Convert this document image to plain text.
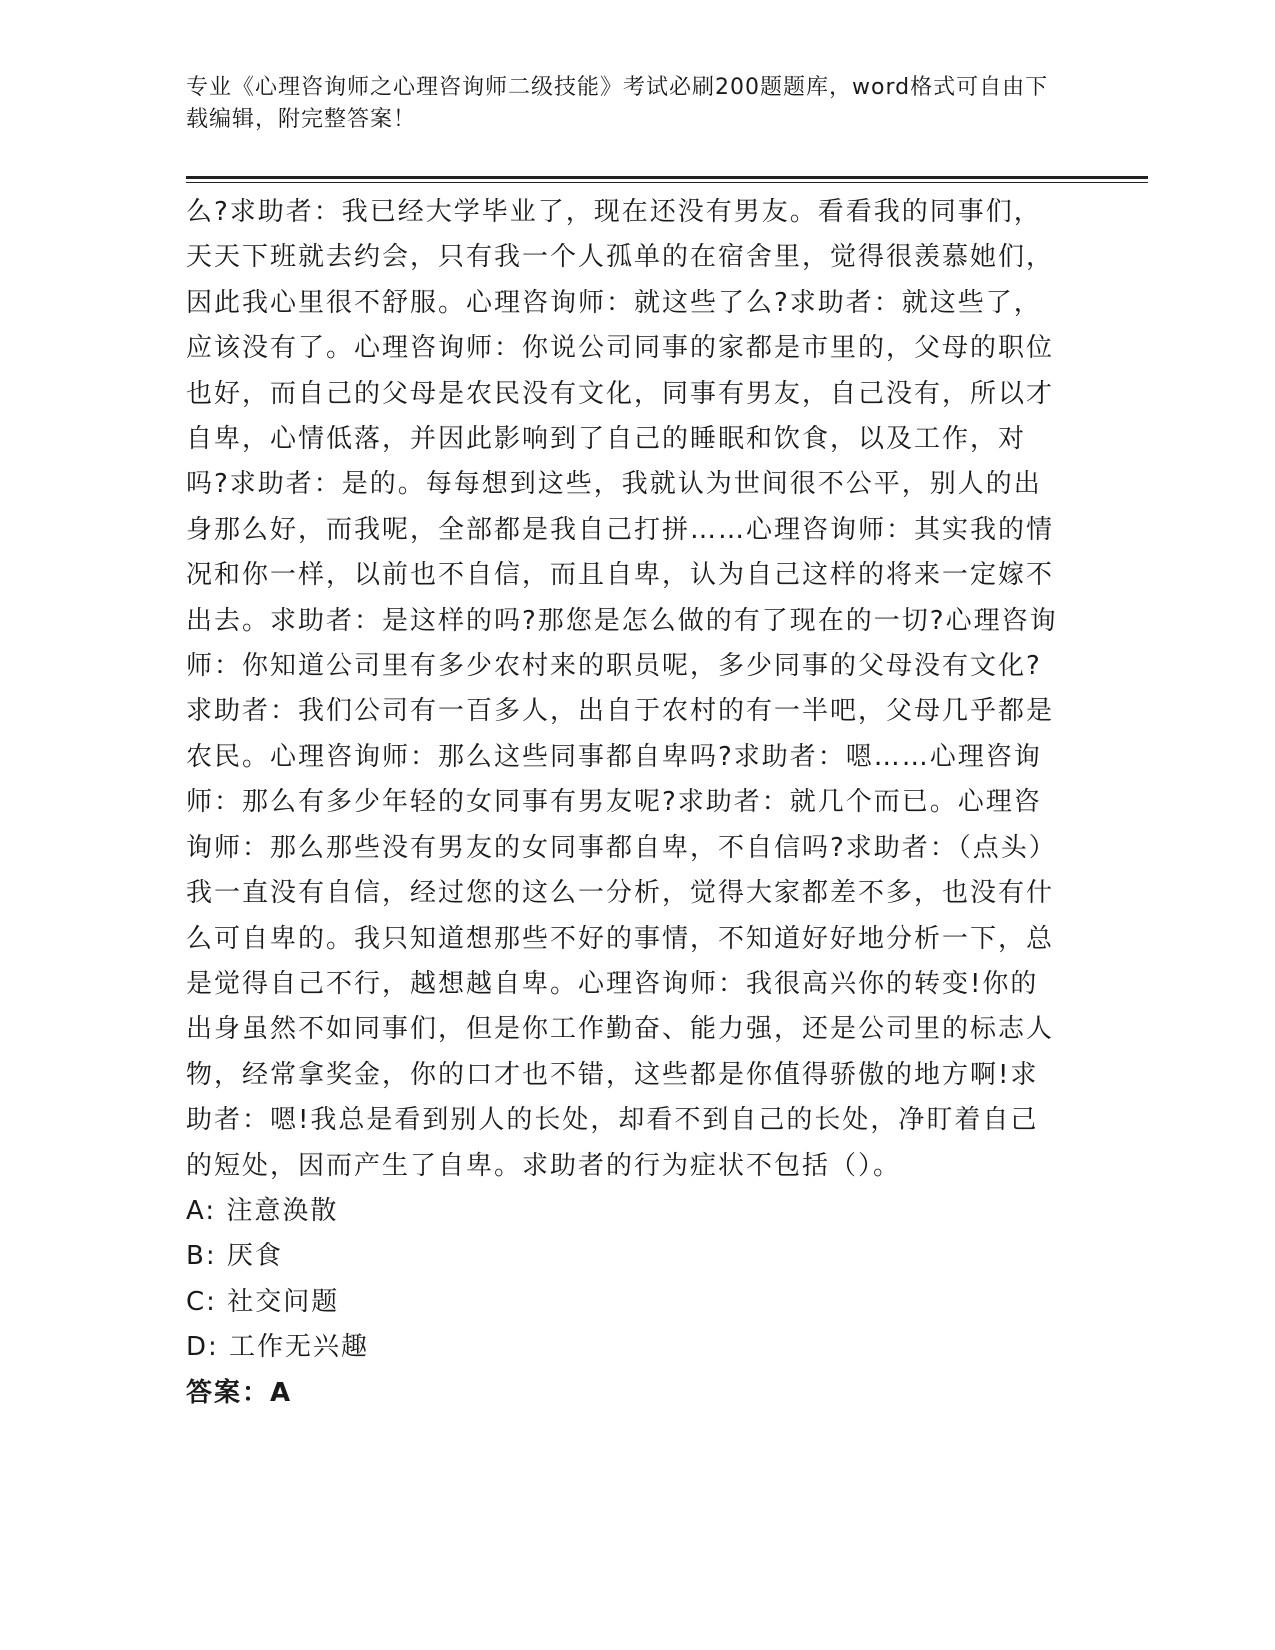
专业《心理咨询师之心理咨询师二级技能》考试必刷200题题库，word格式可自由下载编辑，附完整答案！

么?求助者：我已经大学毕业了，现在还没有男友。看看我的同事们，天天下班就去约会，只有我一个人孤单的在宿舍里，觉得很羡慕她们，因此我心里很不舒服。心理咨询师：就这些了么?求助者：就这些了，应该没有了。心理咨询师：你说公司同事的家都是市里的，父母的职位也好，而自己的父母是农民没有文化，同事有男友，自己没有，所以才自卑，心情低落，并因此影响到了自己的睡眠和饮食，以及工作，对吗?求助者：是的。每每想到这些，我就认为世间很不公平，别人的出身那么好，而我呢，全部都是我自己打拼……心理咨询师：其实我的情况和你一样，以前也不自信，而且自卑，认为自己这样的将来一定嫁不出去。求助者：是这样的吗?那您是怎么做的有了现在的一切?心理咨询师：你知道公司里有多少农村来的职员呢，多少同事的父母没有文化?求助者：我们公司有一百多人，出自于农村的有一半吧，父母几乎都是农民。心理咨询师：那么这些同事都自卑吗?求助者：嗯……心理咨询师：那么有多少年轻的女同事有男友呢?求助者：就几个而已。心理咨询师：那么那些没有男友的女同事都自卑，不自信吗?求助者：（点头）我一直没有自信，经过您的这么一分析，觉得大家都差不多，也没有什么可自卑的。我只知道想那些不好的事情，不知道好好地分析一下，总是觉得自己不行，越想越自卑。心理咨询师：我很高兴你的转变!你的出身虽然不如同事们，但是你工作勤奋、能力强，还是公司里的标志人物，经常拿奖金，你的口才也不错，这些都是你值得骄傲的地方啊!求助者：嗯!我总是看到别人的长处，却看不到自己的长处，净盯着自己的短处，因而产生了自卑。求助者的行为症状不包括（）。

A: 注意涣散

B: 厌食

C: 社交问题

D: 工作无兴趣

答案：A
